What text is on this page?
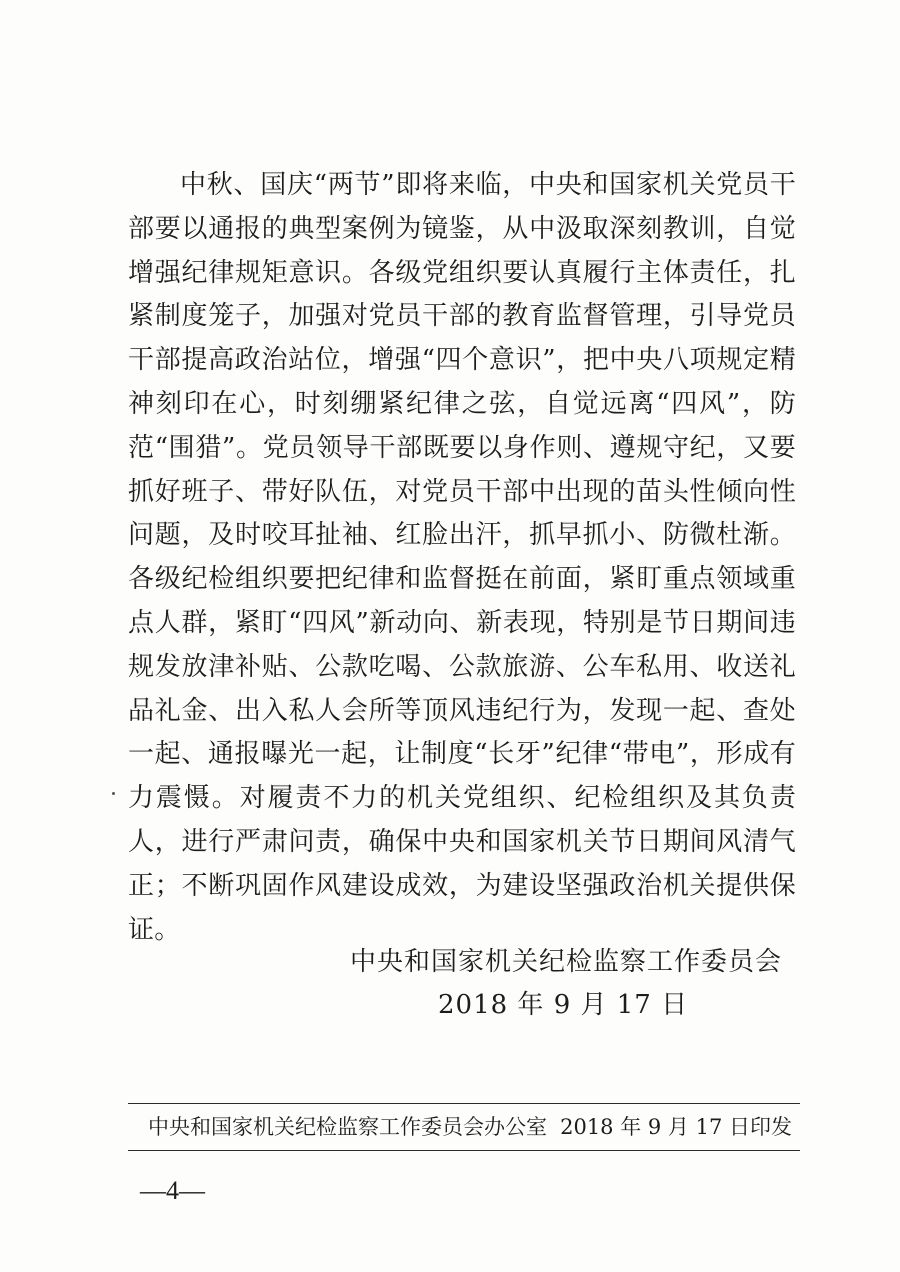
中秋、国庆“两节”即将来临，中央和国家机关党员干部要以通报的典型案例为镜鉴，从中汲取深刻教训，自觉增强纪律规矩意识。各级党组织要认真履行主体责任，扎紧制度笼子，加强对党员干部的教育监督管理，引导党员干部提高政治站位，增强“四个意识”，把中央八项规定精神刻印在心，时刻绷紧纪律之弦，自觉远离“四风”，防范“围猎”。党员领导干部既要以身作则、遵规守纪，又要抓好班子、带好队伍，对党员干部中出现的苗头性倾向性问题，及时咬耳扯袖、红脸出汗，抓早抓小、防微杜渐。各级纪检组织要把纪律和监督挺在前面，紧盯重点领域重点人群，紧盯“四风”新动向、新表现，特别是节日期间违规发放津补贴、公款吃喝、公款旅游、公车私用、收送礼品礼金、出入私人会所等顶风违纪行为，发现一起、查处一起、通报曝光一起，让制度“长牙”纪律“带电”，形成有力震慑。对履责不力的机关党组织、纪检组织及其负责人，进行严肃问责，确保中央和国家机关节日期间风清气正；不断巩固作风建设成效，为建设坚强政治机关提供保证。

中央和国家机关纪检监察工作委员会
2018 年 9 月 17 日
中央和国家机关纪检监察工作委员会办公室 2018 年 9 月 17 日印发
—4—
